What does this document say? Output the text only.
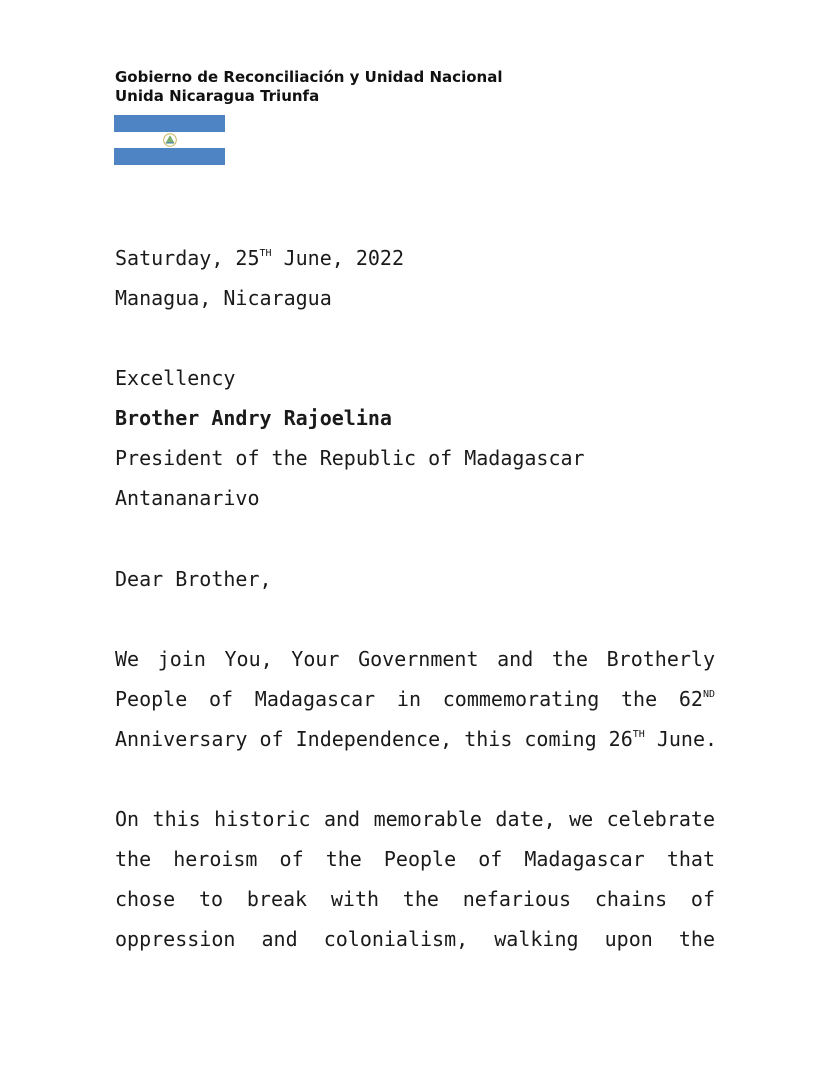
Gobierno de Reconciliación y Unidad Nacional
Unida Nicaragua Triunfa
Saturday, 25TH June, 2022
Managua, Nicaragua
Excellency
Brother Andry Rajoelina
President of the Republic of Madagascar
Antananarivo
Dear Brother,
We join You, Your Government and the Brotherly
People of Madagascar in commemorating the 62ND
Anniversary of Independence, this coming 26TH June.
On this historic and memorable date, we celebrate
the heroism of the People of Madagascar that
chose to break with the nefarious chains of
oppression and colonialism, walking upon the
